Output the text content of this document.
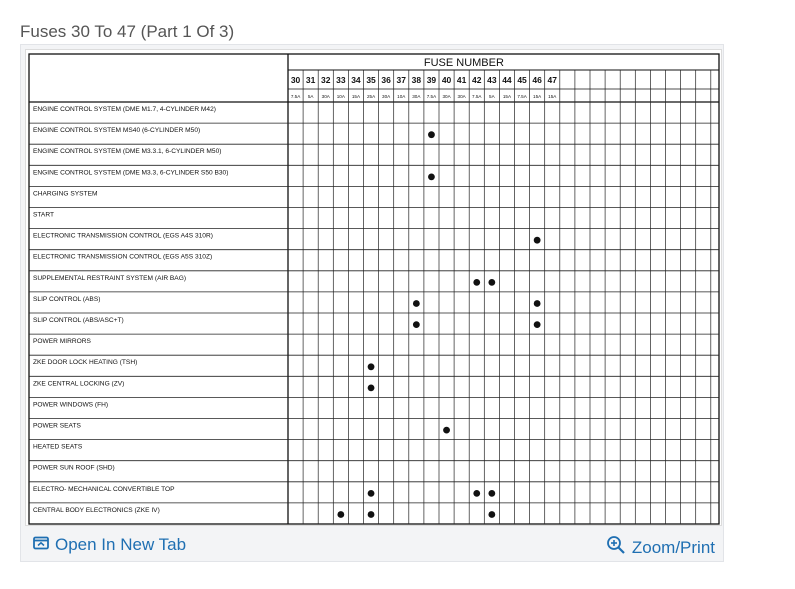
Fuses 30 To 47 (Part 1 Of 3)
FUSE NUMBER
30
7.5A
31
5A
32
30A
33
10A
34
15A
35
25A
36
30A
37
10A
38
30A
39
7.5A
40
30A
41
30A
42
7.5A
43
5A
44
15A
45
7.5A
46
15A
47
15A
ENGINE CONTROL SYSTEM (DME M1.7, 4-CYLINDER M42)
ENGINE CONTROL SYSTEM MS40 (6-CYLINDER M50)
ENGINE CONTROL SYSTEM (DME M3.3.1, 6-CYLINDER M50)
ENGINE CONTROL SYSTEM (DME M3.3, 6-CYLINDER S50 B30)
CHARGING SYSTEM
START
ELECTRONIC TRANSMISSION CONTROL (EGS A4S 310R)
ELECTRONIC TRANSMISSION CONTROL (EGS A5S 310Z)
SUPPLEMENTAL RESTRAINT SYSTEM (AIR BAG)
SLIP CONTROL (ABS)
SLIP CONTROL (ABS/ASC+T)
POWER MIRRORS
ZKE DOOR LOCK HEATING (TSH)
ZKE CENTRAL LOCKING (ZV)
POWER WINDOWS (FH)
POWER SEATS
HEATED SEATS
POWER SUN ROOF (SHD)
ELECTRO- MECHANICAL CONVERTIBLE TOP
CENTRAL BODY ELECTRONICS (ZKE IV)
Open In New Tab	Zoom/Print
